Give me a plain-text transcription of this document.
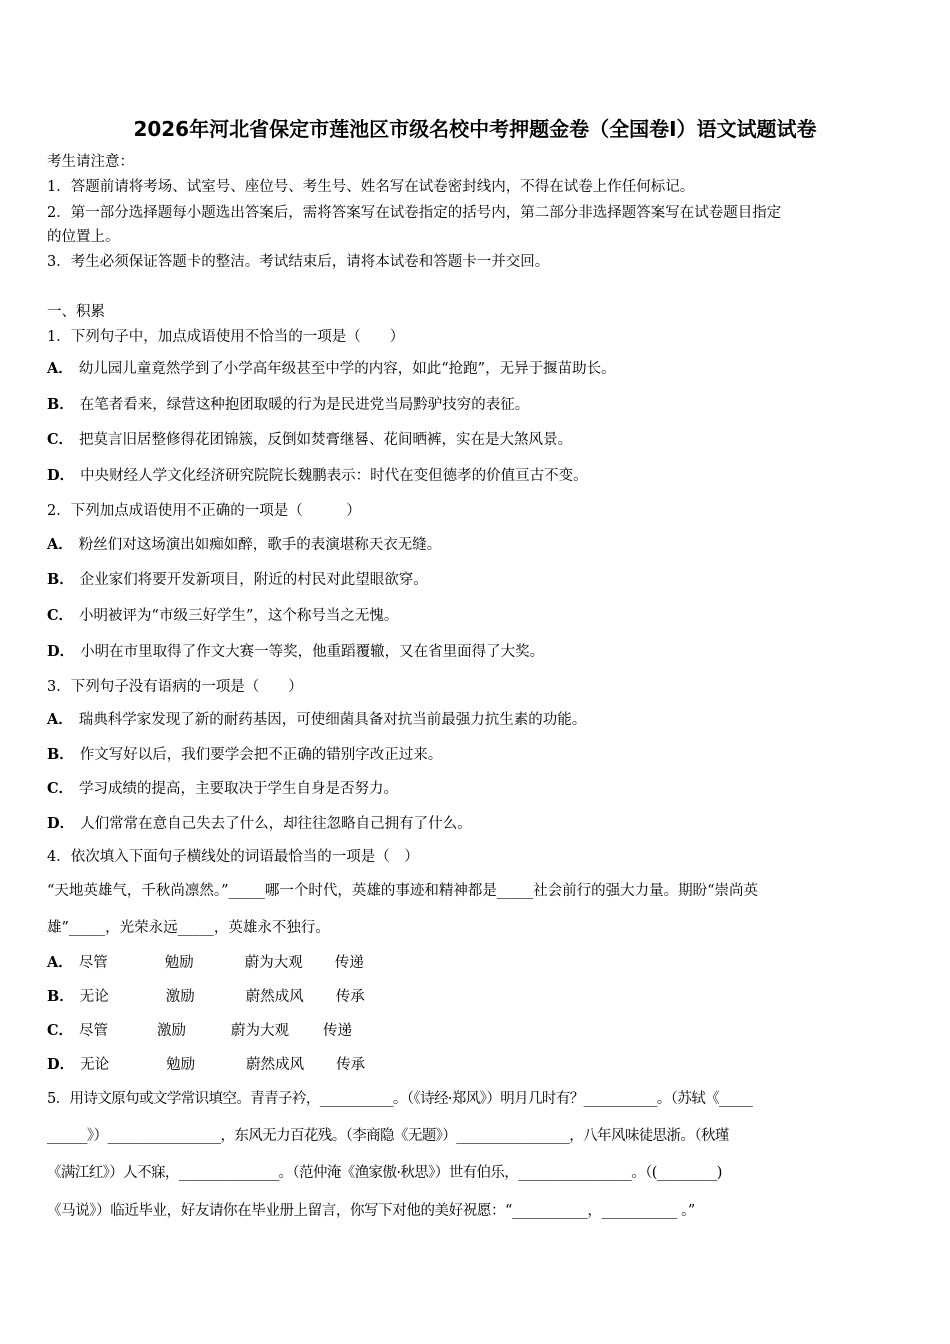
2026年河北省保定市莲池区市级名校中考押题金卷（全国卷Ⅰ）语文试题试卷
考生请注意：
1．答题前请将考场、试室号、座位号、考生号、姓名写在试卷密封线内，不得在试卷上作任何标记。
2．第一部分选择题每小题选出答案后，需将答案写在试卷指定的括号内，第二部分非选择题答案写在试卷题目指定
的位置上。
3．考生必须保证答题卡的整洁。考试结束后，请将本试卷和答题卡一并交回。
一、积累
1．下列句子中，加点成语使用不恰当的一项是（　　）
A． 幼儿园儿童竟然学到了小学高年级甚至中学的内容，如此“抢跑”，无异于揠苗助长。
B． 在笔者看来，绿营这种抱团取暖的行为是民进党当局黔驴技穷的表征。
C． 把莫言旧居整修得花团锦簇，反倒如焚膏继晷、花间晒裤，实在是大煞风景。
D． 中央财经人学文化经济研究院院长魏鹏表示：时代在变但德孝的价值亘古不变。
2．下列加点成语使用不正确的一项是（　　　）
A． 粉丝们对这场演出如痴如醉，歌手的表演堪称天衣无缝。
B． 企业家们将要开发新项目，附近的村民对此望眼欲穿。
C． 小明被评为“市级三好学生”，这个称号当之无愧。
D． 小明在市里取得了作文大赛一等奖，他重蹈覆辙，又在省里面得了大奖。
3．下列句子没有语病的一项是（　　）
A． 瑞典科学家发现了新的耐药基因，可使细菌具备对抗当前最强力抗生素的功能。
B． 作文写好以后，我们要学会把不正确的错别字改正过来。
C． 学习成绩的提高，主要取决于学生自身是否努力。
D． 人们常常在意自己失去了什么，却往往忽略自己拥有了什么。
4．依次填入下面句子横线处的词语最恰当的一项是（　）
“天地英雄气，千秋尚凛然。”_____哪一个时代，英雄的事迹和精神都是_____社会前行的强大力量。期盼“崇尚英
雄”_____，光荣永远_____，英雄永不独行。
A． 尽管	勉励	蔚为大观 传递
B． 无论	激励	蔚然成风 传承
C． 尽管	激励	蔚为大观 传递
D． 无论	勉励	蔚然成风 传承
5．用诗文原句或文学常识填空。青青子衿，___________。（《诗经·郑风》）明月几时有？___________。（苏轼《_____
______》）_________________，东风无力百花残。（李商隐《无题》）_________________，八年风味徒思浙。（秋瑾
《满江红》）人不寐，_______________。（范仲淹《渔家傲·秋思》）世有伯乐，_________________。（(_________)
《马说》）临近毕业，好友请你在毕业册上留言，你写下对他的美好祝愿：“___________，___________ 。”
